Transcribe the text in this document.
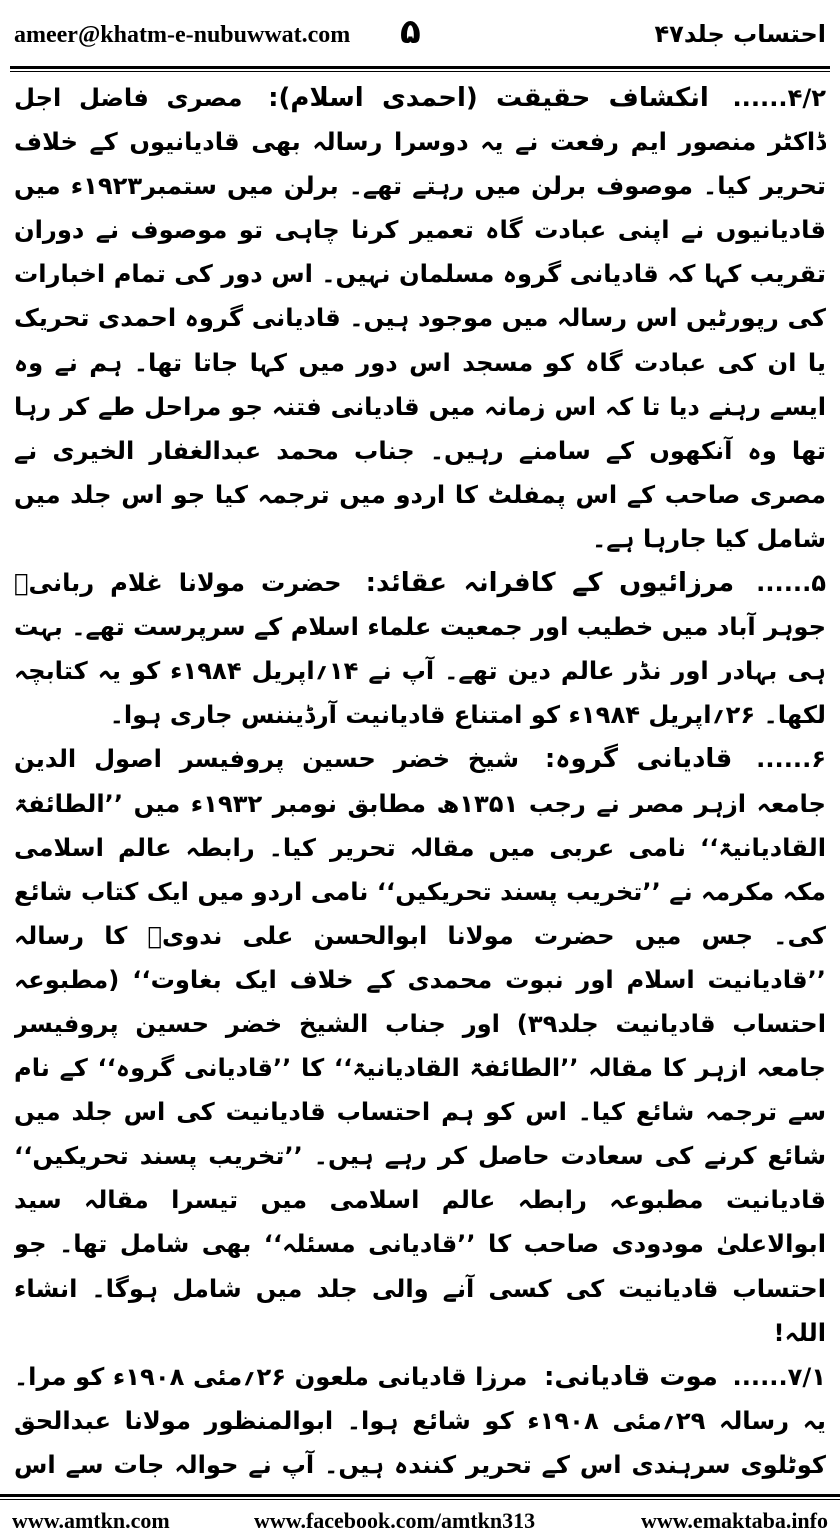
ameer@khatm-e-nubuwwat.com ۵	احتساب جلد۴۷

۴/۲...... انکشاف حقیقت (احمدی اسلام): مصری فاضل اجل ڈاکٹر منصور ایم رفعت نے یہ دوسرا رسالہ بھی قادیانیوں کے خلاف تحریر کیا۔ موصوف برلن میں رہتے تھے۔ برلن میں ستمبر۱۹۲۳ء میں قادیانیوں نے اپنی عبادت گاہ تعمیر کرنا چاہی تو موصوف نے دوران تقریب کہا کہ قادیانی گروہ مسلمان نہیں۔ اس دور کی تمام اخبارات کی رپورٹیں اس رسالہ میں موجود ہیں۔ قادیانی گروہ احمدی تحریک یا ان کی عبادت گاہ کو مسجد اس دور میں کہا جاتا تھا۔ ہم نے وہ ایسے رہنے دیا تا کہ اس زمانہ میں قادیانی فتنہ جو مراحل طے کر رہا تھا وہ آنکھوں کے سامنے رہیں۔ جناب محمد عبدالغفار الخیری نے مصری صاحب کے اس پمفلٹ کا اردو میں ترجمہ کیا جو اس جلد میں شامل کیا جارہا ہے۔

۵...... مرزائیوں کے کافرانہ عقائد: حضرت مولانا غلام ربانیؒ جوہر آباد میں خطیب اور جمعیت علماء اسلام کے سرپرست تھے۔ بہت ہی بہادر اور نڈر عالم دین تھے۔ آپ نے ۱۴؍اپریل ۱۹۸۴ء کو یہ کتابچہ لکھا۔ ۲۶؍اپریل ۱۹۸۴ء کو امتناع قادیانیت آرڈیننس جاری ہوا۔

۶...... قادیانی گروہ: شیخ خضر حسین پروفیسر اصول الدین جامعہ ازہر مصر نے رجب ۱۳۵۱ھ مطابق نومبر ۱۹۳۲ء میں ’’الطائفۃ القادیانیۃ‘‘ نامی عربی میں مقالہ تحریر کیا۔ رابطہ عالم اسلامی مکہ مکرمہ نے ’’تخریب پسند تحریکیں‘‘ نامی اردو میں ایک کتاب شائع کی۔ جس میں حضرت مولانا ابوالحسن علی ندویؒ کا رسالہ ’’قادیانیت اسلام اور نبوت محمدی کے خلاف ایک بغاوت‘‘ (مطبوعہ احتساب قادیانیت جلد۳۹) اور جناب الشیخ خضر حسین پروفیسر جامعہ ازہر کا مقالہ ’’الطائفۃ القادیانیۃ‘‘ کا ’’قادیانی گروہ‘‘ کے نام سے ترجمہ شائع کیا۔ اس کو ہم احتساب قادیانیت کی اس جلد میں شائع کرنے کی سعادت حاصل کر رہے ہیں۔ ’’تخریب پسند تحریکیں‘‘ قادیانیت مطبوعہ رابطہ عالم اسلامی میں تیسرا مقالہ سید ابوالاعلیٰ مودودی صاحب کا ’’قادیانی مسئلہ‘‘ بھی شامل تھا۔ جو احتساب قادیانیت کی کسی آنے والی جلد میں شامل ہوگا۔ انشاء اللہ!

۷/۱...... موت قادیانی: مرزا قادیانی ملعون ۲۶؍مئی ۱۹۰۸ء کو مرا۔ یہ رسالہ ۲۹؍مئی ۱۹۰۸ء کو شائع ہوا۔ ابوالمنظور مولانا عبدالحق کوٹلوی سرہندی اس کے تحریر کنندہ ہیں۔ آپ نے حوالہ جات سے اس

www.amtkn.com	www.facebook.com/amtkn313	www.emaktaba.info
